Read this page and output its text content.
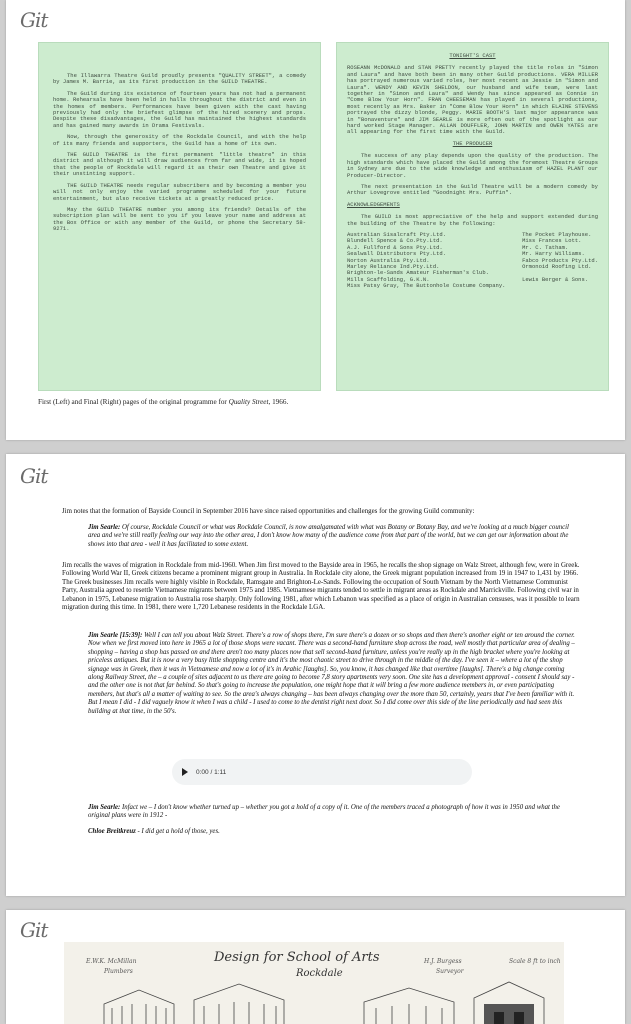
Git

The Illawarra Theatre Guild proudly presents "QUALITY STREET", a comedy by James M. Barrie, as its first production in the GUILD THEATRE.

The Guild during its existence of fourteen years has not had a permanent home. Rehearsals have been held in halls throughout the district and even in the homes of members. Performances have been given with the cast having previously had only the briefest glimpse of the hired scenery and props. Despite these disadvantages, the Guild has maintained the highest standards and has gained many awards in Drama Festivals.

Now, through the generosity of the Rockdale Council, and with the help of its many friends and supporters, the Guild has a home of its own.

THE GUILD THEATRE is the first permanent "little theatre" in this district and although it will draw audiences from far and wide, it is hoped that the people of Rockdale will regard it as their own Theatre and give it their unstinting support.

THE GUILD THEATRE needs regular subscribers and by becoming a member you will not only enjoy the varied programme scheduled for your future entertainment, but also receive tickets at a greatly reduced price.

May the GUILD THEATRE number you among its friends? Details of the subscription plan will be sent to you if you leave your name and address at the Box Office or with any member of the Guild, or phone the Secretary 58-9271.

TONIGHT'S CAST

ROSEANN McDONALD and STAN PRETTY recently played the title roles in "Simon and Laura" and have both been in many other Guild productions. VERA MILLER has portrayed numerous varied roles, her most recent as Jessie in "Simon and Laura". WENDY AND KEVIN SHELDON, our husband and wife team, were last together in "Simon and Laura" and Wendy has since appeared as Connie in "Come Blow Your Horn". FRAN CHEESEMAN has played in several productions, most recently as Mrs. Baker in "Come Blow Your Horn" in which ELAINE STEVENS portrayed the dizzy blonde, Peggy. MARIE BOOTH'S last major appearance was in "Bonaventure" and JIM SEARLE is more often out of the spotlight as our hard worked Stage Manager. ALLAN DOUFFLER, JOHN MARTIN and OWEN YATES are all appearing for the first time with the Guild.

THE PRODUCER

The success of any play depends upon the quality of the production. The high standards which have placed the Guild among the foremost Theatre Groups in Sydney are due to the wide knowledge and enthusiasm of HAZEL PLANT our Producer-Director.

The next presentation in the Guild Theatre will be a modern comedy by Arthur Lovegrove entitled "Goodnight Mrs. Puffin".

ACKNOWLEDGEMENTS

The GUILD is most appreciative of the help and support extended during the building of the Theatre by the following:

Australian Sisalcraft Pty.Ltd.
Blundell Spence & Co.Pty.Ltd.
A.J. Fullford & Sons Pty.Ltd.
Sealwall Distributors Pty.Ltd.
Norton Australia Pty.Ltd.
Marley Reliance Ind.Pty.Ltd.
Brighton-le-Sands Amateur Fisherman's Club.
Mills Scaffolding, G.K.N.
Miss Patsy Gray, The Buttonhole Costume Company.
The Pocket Playhouse.
Miss Frances Lott.
Mr. C. Tatham.
Mr. Harry Williams.
Fabco Products Pty.Ltd.
Ormonoid Roofing Ltd.

Lewis Berger & Sons.
First (Left) and Final (Right) pages of the original programme for Quality Street, 1966.
Git

Jim notes that the formation of Bayside Council in September 2016 have since raised opportunities and challenges for the growing Guild community:

Jim Searle: Of course, Rockdale Council or what was Rockdale Council, is now amalgamated with what was Botany or Botany Bay, and we're looking at a much bigger council area and we're still really feeling our way into the other area, I don't know how many of the audience come from that part of the world, but we can get our information about the shows into that area - well it has facilitated to some extent.

Jim recalls the waves of migration in Rockdale from mid-1960. When Jim first moved to the Bayside area in 1965, he recalls the shop signage on Walz Street, although few, were in Greek. Following World War II, Greek citizens became a prominent migrant group in Australia. In Rockdale city alone, the Greek migrant population increased from 19 in 1947 to 1,431 by 1966. The Greek businesses Jim recalls were highly visible in Rockdale, Ramsgate and Brighton-Le-Sands. Following the occupation of South Vietnam by the North Vietnamese Communist Party, Australia agreed to resettle Vietnamese migrants between 1975 and 1985. Vietnamese migrants tended to settle in migrant areas as Rockdale and Marrickville. Following civil war in Lebanon in 1975, Lebanese migration to Australia rose sharply. Only following 1981, after which Lebanon was specified as a place of origin in Australian censuses, was it possible to learn migration during this time. In 1981, there were 1,720 Lebanese residents in the Rockdale LGA.

Jim Searle [15:39]: Well I can tell you about Walz Street. There's a row of shops there, I'm sure there's a dozen or so shops and then there's another eight or ten around the corner. Now when we first moved into here in 1965 a lot of those shops were vacant. There was a second-hand furniture shop across the road, well mostly that particular area of dealing – shopping – having a shop has passed on and there aren't too many places now that sell second-hand furniture, unless you're really up in the high bracket where you're looking at priceless antiques. But it is now a very busy little shopping centre and it's the most chaotic street to drive through in the middle of the day. I've seen it – where a lot of the shop signage was in Greek, then it was in Vietnamese and now a lot of it's in Arabic [laughs]. So, you know, it has changed like that overtime [laughs]. There's a big change coming along Railway Street, the – a couple of sites adjacent to us there are going to become 7,8 story apartments very soon. One site has a development approval - consent I should say - and the other one is not that far behind. So that's going to increase the population, one might hope that it will bring a few more audience members in, or even participating members, but that's all a matter of waiting to see. So the area's always changing – has been always changing over the more than 50, certainly, years that I've been familiar with it. But I mean I did - I did vaguely know it when I was a child - I used to come to the dentist right next door. So I did come over this side of the line periodically and had seen this building at that time, in the 50's.
Jim Searle: Infact we – I don't know whether turned up – whether you got a hold of a copy of it. One of the members traced a photograph of how it was in 1950 and what the original plans were in 1912 -
Chloe Breitkreuz - I did get a hold of those, yes.
0:00 / 1:11
Git
E.W.K. McMillan
Plumbers
Design for School of Arts
Rockdale
H.J. Burgess
Surveyor
Scale 8 ft to inch
